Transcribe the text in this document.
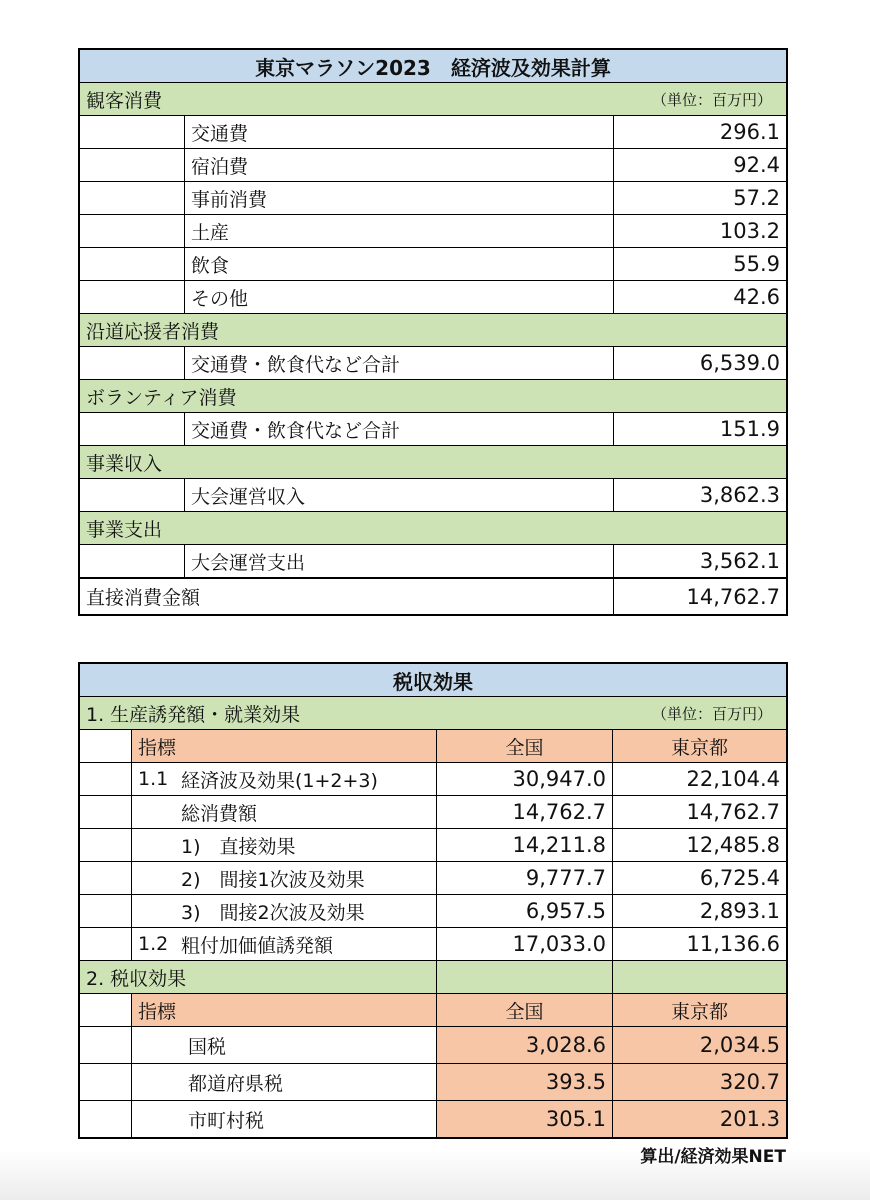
東京マラソン2023　経済波及効果計算
観客消費	（単位：百万円）
交通費	296.1
宿泊費	92.4
事前消費	57.2
土産	103.2
飲食	55.9
その他	42.6
沿道応援者消費
交通費・飲食代など合計	6,539.0
ボランティア消費
交通費・飲食代など合計	151.9
事業収入
大会運営収入	3,862.3
事業支出
大会運営支出	3,562.1
直接消費金額	14,762.7
税収効果
1. 生産誘発額・就業効果	（単位：百万円）
指標	全国	東京都
1.1 経済波及効果(1+2+3)	30,947.0	22,104.4
総消費額	14,762.7	14,762.7
1)　直接効果	14,211.8	12,485.8
2)　間接1次波及効果	9,777.7	6,725.4
3)　間接2次波及効果	6,957.5	2,893.1
1.2 粗付加価値誘発額	17,033.0	11,136.6
2. 税収効果
指標	全国	東京都
国税	3,028.6	2,034.5
都道府県税	393.5	320.7
市町村税	305.1	201.3
算出/経済効果NET
